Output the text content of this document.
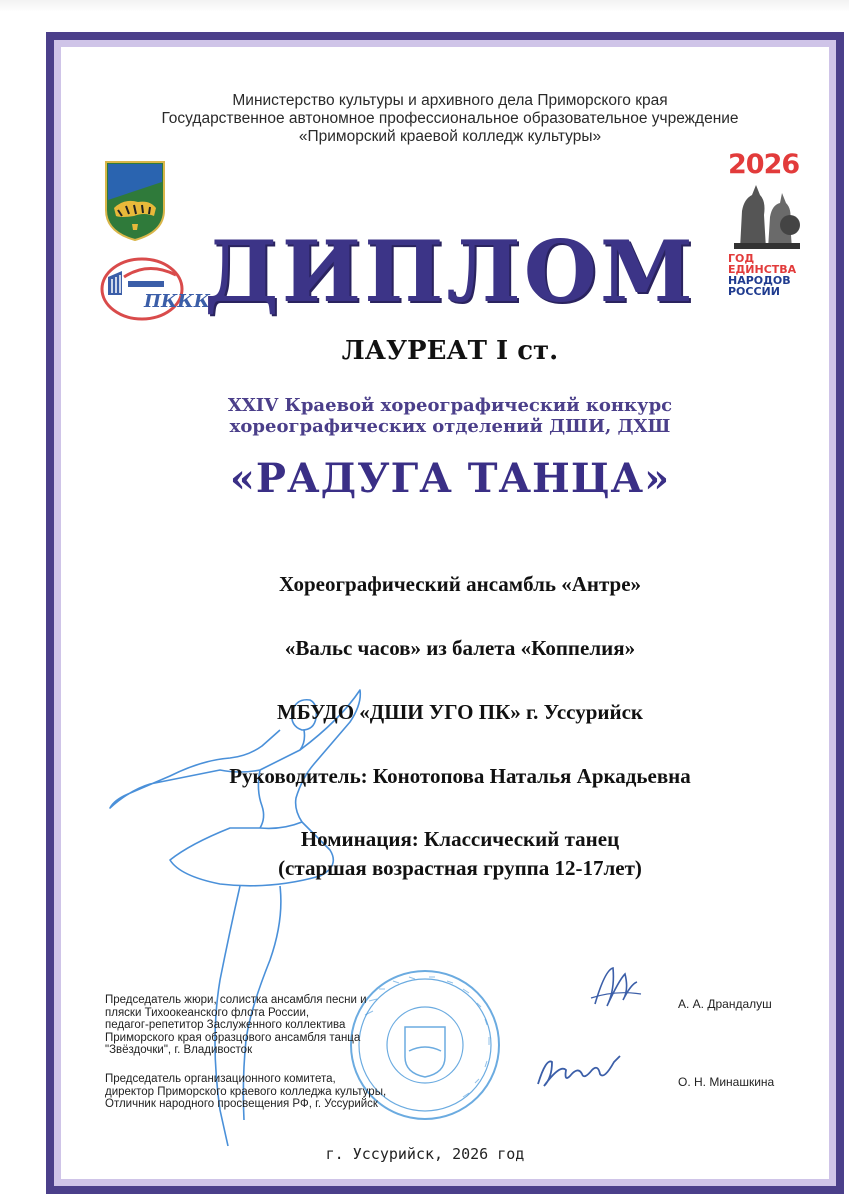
Министерство культуры и архивного дела Приморского края
Государственное автономное профессиональное образовательное учреждение
«Приморский краевой колледж культуры»
ПККК
2026
ГОД
ЕДИНСТВА
НАРОДОВ
РОССИИ
ДИПЛОМ
ЛАУРЕАТ I ст.
XXIV Краевой хореографический конкурс
хореографических отделений ДШИ, ДХШ
«РАДУГА ТАНЦА»
Хореографический ансамбль «Антре»
«Вальс часов» из балета «Коппелия»
МБУДО «ДШИ УГО ПК» г. Уссурийск
Руководитель: Конотопова Наталья Аркадьевна
Номинация: Классический танец
(старшая возрастная группа 12-17лет)
Председатель жюри, солистка ансамбля песни и
пляски Тихоокеанского флота России,
педагог-репетитор Заслуженного коллектива
Приморского края образцового ансамбля танца
"Звёздочки", г. Владивосток
А. А. Драндалуш
Председатель организационного комитета,
директор Приморского краевого колледжа культуры,
Отличник народного просвещения РФ, г. Уссурийск
О. Н. Минашкина
г. Уссурийск, 2026 год
